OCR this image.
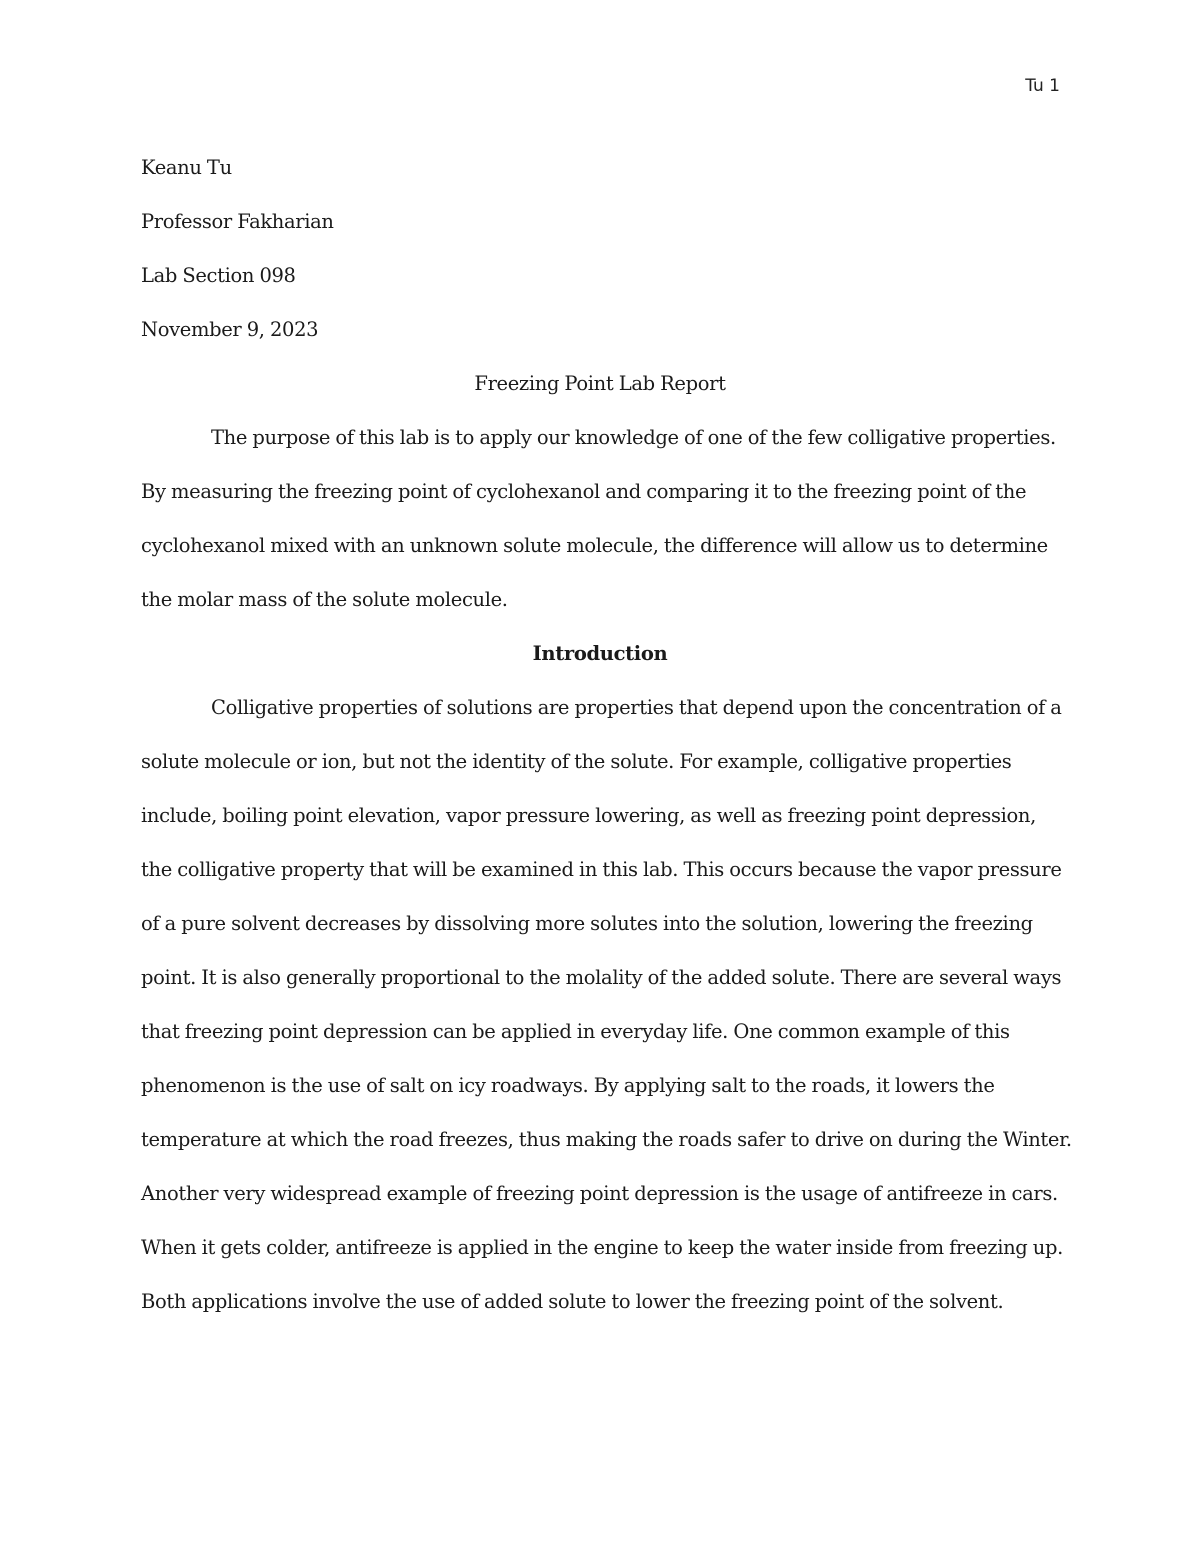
Tu 1

Keanu Tu

Professor Fakharian

Lab Section 098

November 9, 2023

Freezing Point Lab Report

The purpose of this lab is to apply our knowledge of one of the few colligative properties.
By measuring the freezing point of cyclohexanol and comparing it to the freezing point of the
cyclohexanol mixed with an unknown solute molecule, the difference will allow us to determine
the molar mass of the solute molecule.

Introduction

Colligative properties of solutions are properties that depend upon the concentration of a
solute molecule or ion, but not the identity of the solute. For example, colligative properties
include, boiling point elevation, vapor pressure lowering, as well as freezing point depression,
the colligative property that will be examined in this lab. This occurs because the vapor pressure
of a pure solvent decreases by dissolving more solutes into the solution, lowering the freezing
point. It is also generally proportional to the molality of the added solute. There are several ways
that freezing point depression can be applied in everyday life. One common example of this
phenomenon is the use of salt on icy roadways. By applying salt to the roads, it lowers the
temperature at which the road freezes, thus making the roads safer to drive on during the Winter.
Another very widespread example of freezing point depression is the usage of antifreeze in cars.
When it gets colder, antifreeze is applied in the engine to keep the water inside from freezing up.
Both applications involve the use of added solute to lower the freezing point of the solvent.
